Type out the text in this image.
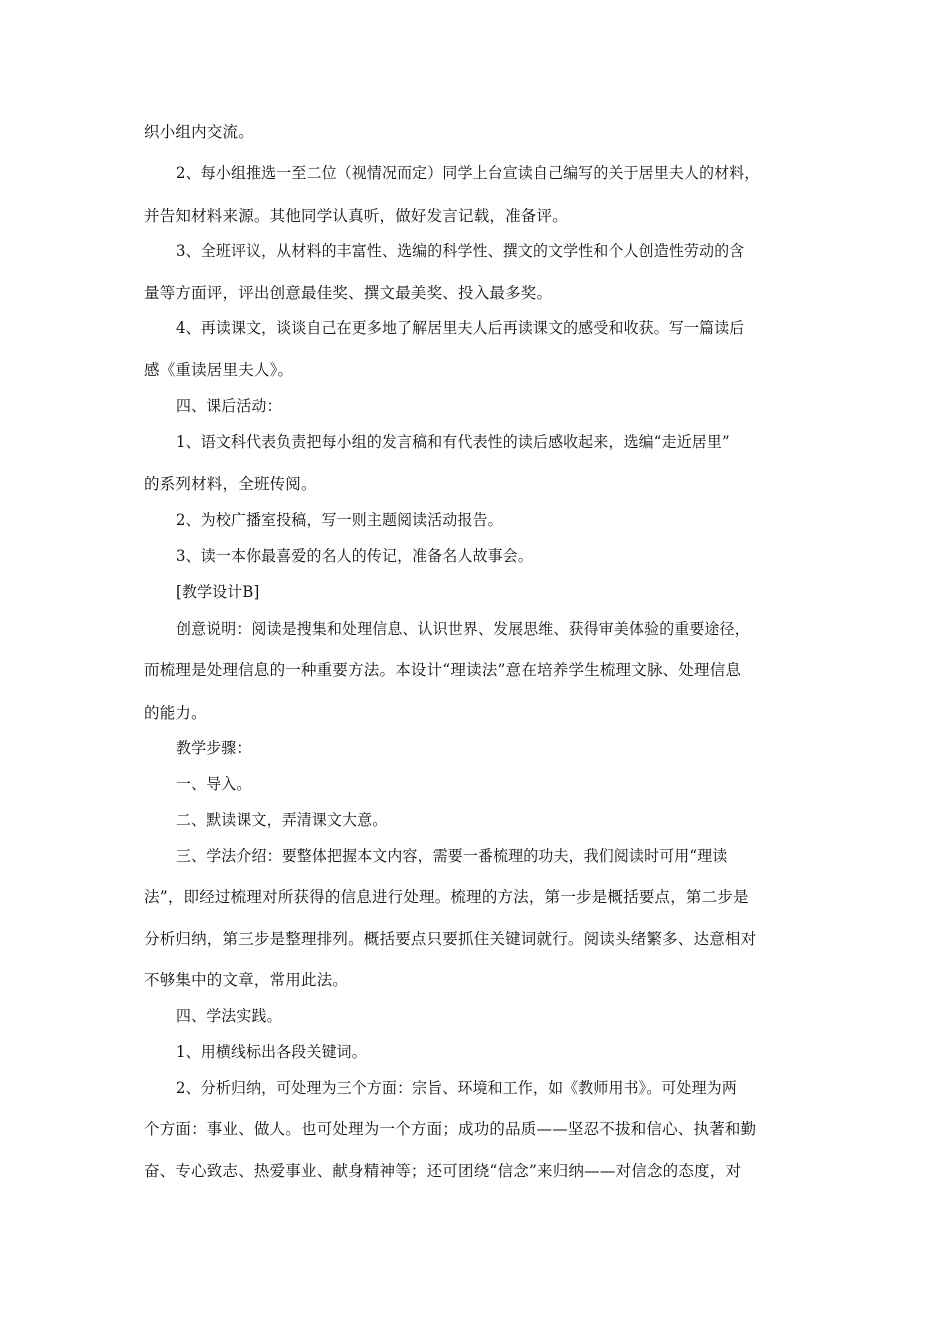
织小组内交流。
2、每小组推选一至二位（视情况而定）同学上台宣读自己编写的关于居里夫人的材料，
并告知材料来源。其他同学认真听，做好发言记载，准备评。
3、全班评议，从材料的丰富性、选编的科学性、撰文的文学性和个人创造性劳动的含
量等方面评，评出创意最佳奖、撰文最美奖、投入最多奖。
4、再读课文，谈谈自己在更多地了解居里夫人后再读课文的感受和收获。写一篇读后
感《重读居里夫人》。
四、课后活动：
1、语文科代表负责把每小组的发言稿和有代表性的读后感收起来，选编“走近居里”
的系列材料，全班传阅。
2、为校广播室投稿，写一则主题阅读活动报告。
3、读一本你最喜爱的名人的传记，准备名人故事会。
[教学设计B]
创意说明：阅读是搜集和处理信息、认识世界、发展思维、获得审美体验的重要途径，
而梳理是处理信息的一种重要方法。本设计“理读法”意在培养学生梳理文脉、处理信息
的能力。
教学步骤：
一、导入。
二、默读课文，弄清课文大意。
三、学法介绍：要整体把握本文内容，需要一番梳理的功夫，我们阅读时可用“理读
法”，即经过梳理对所获得的信息进行处理。梳理的方法，第一步是概括要点，第二步是
分析归纳，第三步是整理排列。概括要点只要抓住关键词就行。阅读头绪繁多、达意相对
不够集中的文章，常用此法。
四、学法实践。
1、用横线标出各段关键词。
2、分析归纳，可处理为三个方面：宗旨、环境和工作，如《教师用书》。可处理为两
个方面：事业、做人。也可处理为一个方面；成功的品质——坚忍不拔和信心、执著和勤
奋、专心致志、热爱事业、献身精神等；还可团绕“信念”来归纳——对信念的态度，对
